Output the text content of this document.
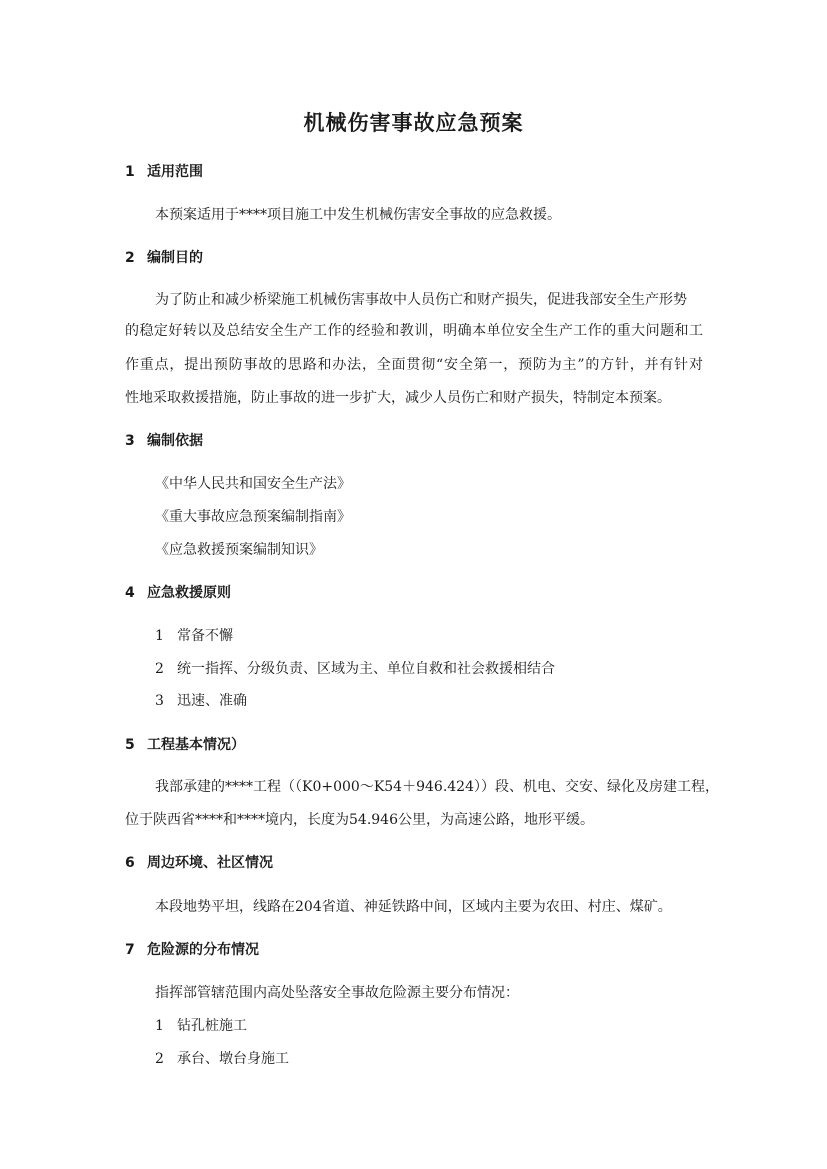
机械伤害事故应急预案
1 适用范围
本预案适用于****项目施工中发生机械伤害安全事故的应急救援。
2 编制目的
为了防止和减少桥梁施工机械伤害事故中人员伤亡和财产损失，促进我部安全生产形势
的稳定好转以及总结安全生产工作的经验和教训，明确本单位安全生产工作的重大问题和工
作重点，提出预防事故的思路和办法，全面贯彻“安全第一，预防为主”的方针，并有针对
性地采取救援措施，防止事故的进一步扩大，减少人员伤亡和财产损失，特制定本预案。
3 编制依据
《中华人民共和国安全生产法》
《重大事故应急预案编制指南》
《应急救援预案编制知识》
4 应急救援原则
1 常备不懈
2 统一指挥、分级负责、区域为主、单位自救和社会救援相结合
3 迅速、准确
5 工程基本情况）
我部承建的****工程（（K0+000～K54＋946.424））段、机电、交安、绿化及房建工程，
位于陕西省****和****境内，长度为54.946公里，为高速公路，地形平缓。
6 周边环境、社区情况
本段地势平坦，线路在204省道、神延铁路中间，区域内主要为农田、村庄、煤矿。
7 危险源的分布情况
指挥部管辖范围内高处坠落安全事故危险源主要分布情况：
1 钻孔桩施工
2 承台、墩台身施工
